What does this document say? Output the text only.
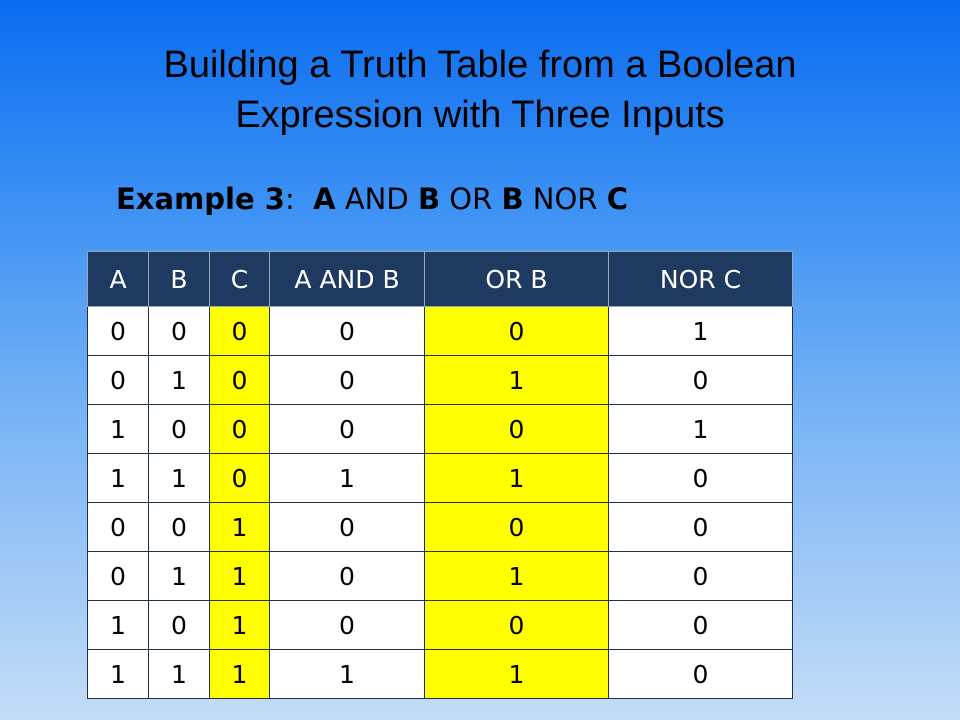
Building a Truth Table from a Boolean
Expression with Three Inputs
Example 3: A AND B OR B NOR C
A	B	C	A AND B	OR B	NOR C
0	0	0	0	0	1
0	1	0	0	1	0
1	0	0	0	0	1
1	1	0	1	1	0
0	0	1	0	0	0
0	1	1	0	1	0
1	0	1	0	0	0
1	1	1	1	1	0
